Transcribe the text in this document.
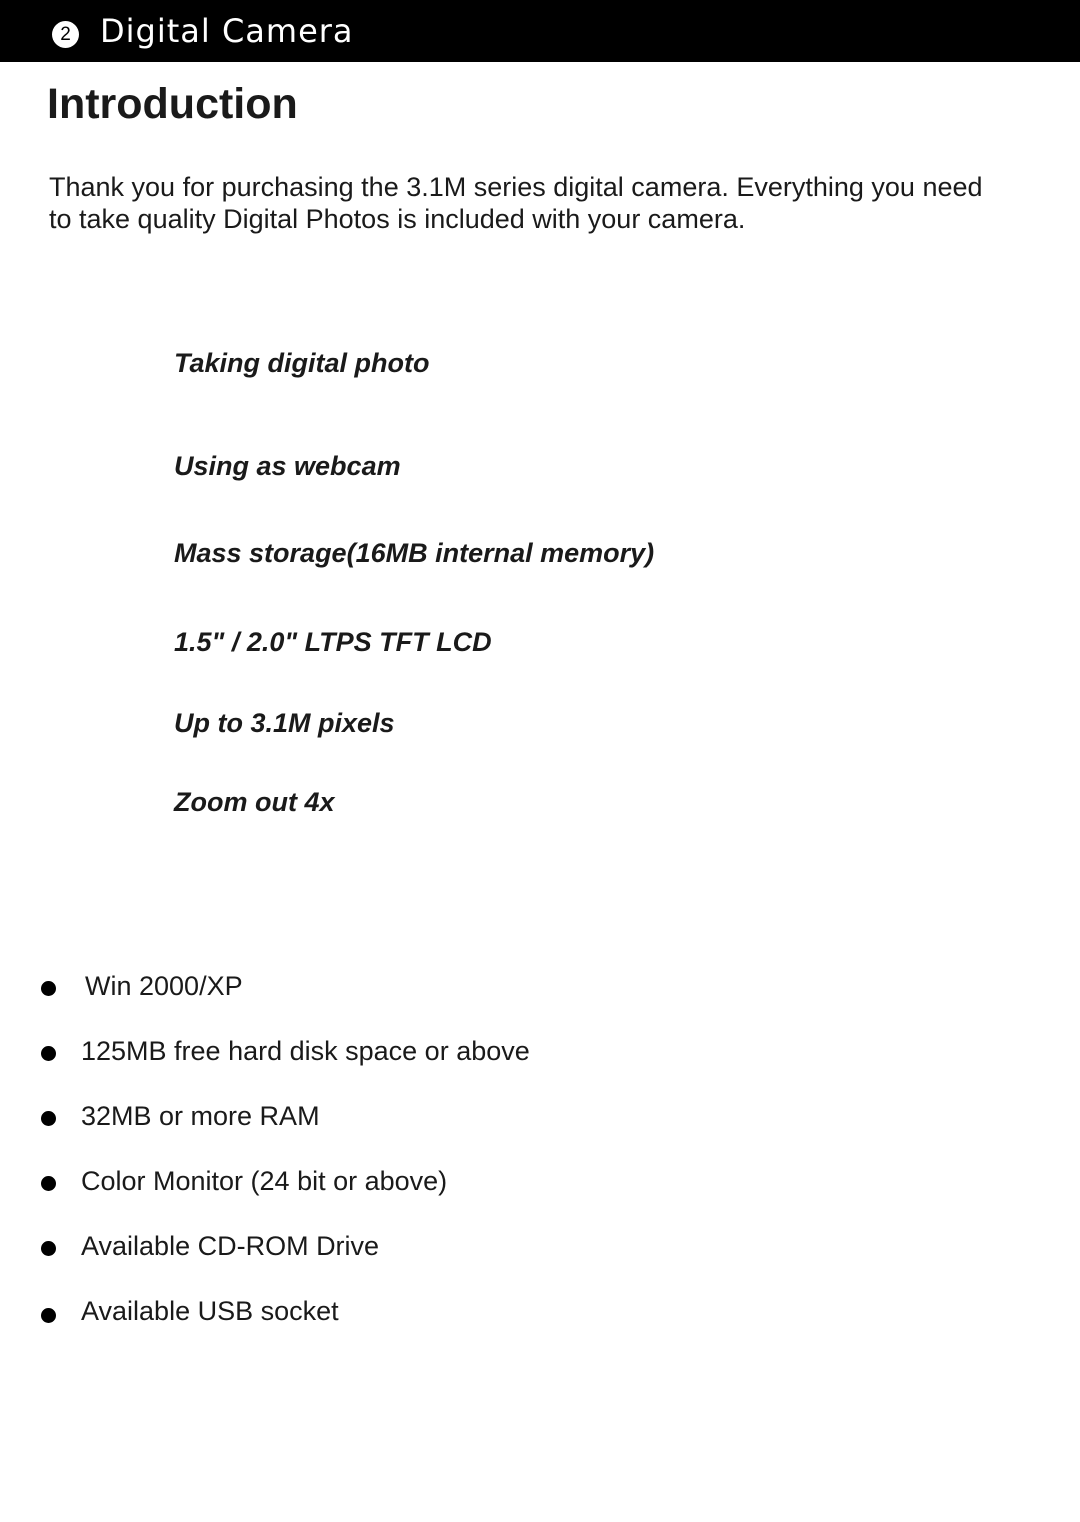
2 Digital Camera
Introduction

Thank you for purchasing the 3.1M series digital camera. Everything you need to take quality Digital Photos is included with your camera.

Taking digital photo
Using as webcam
Mass storage(16MB internal memory)
1.5" / 2.0" LTPS TFT LCD
Up to 3.1M pixels
Zoom out 4x
Win 2000/XP
125MB free hard disk space or above
32MB or more RAM
Color Monitor (24 bit or above)
Available CD-ROM Drive
Available USB socket
